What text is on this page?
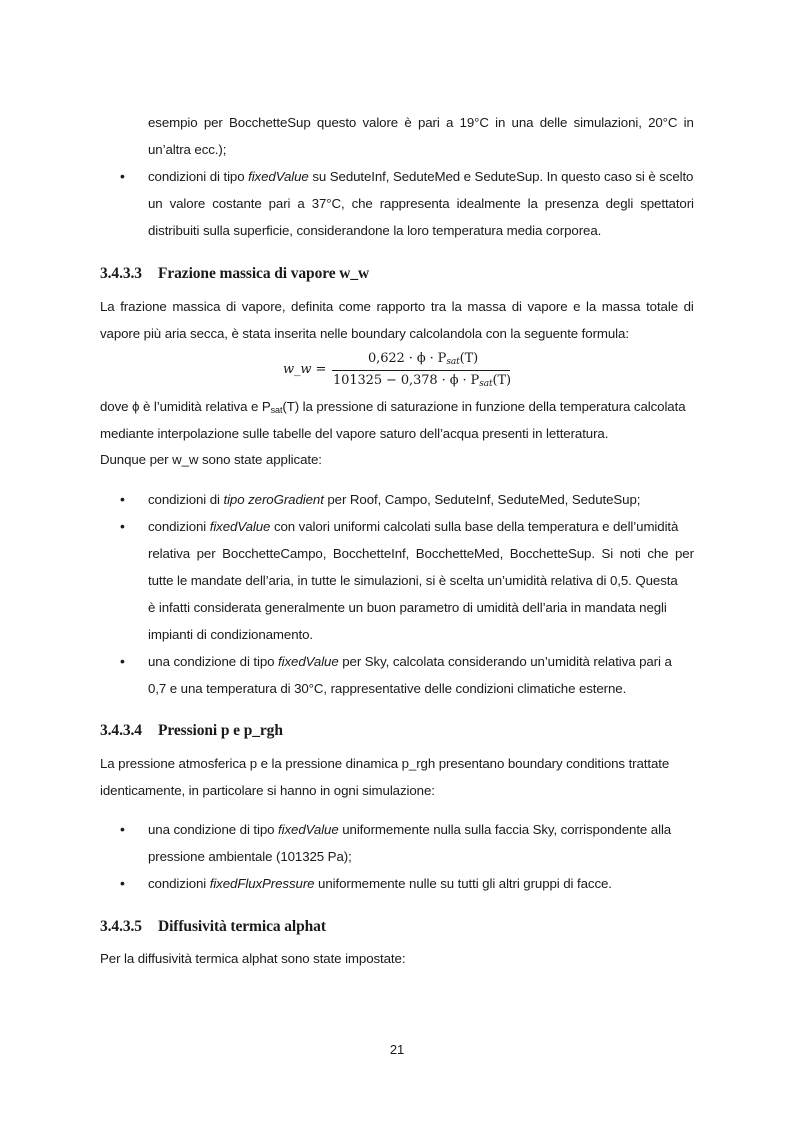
esempio per BocchetteSup questo valore è pari a 19°C in una delle simulazioni, 20°C in
un’altra ecc.);
• condizioni di tipo fixedValue su SeduteInf, SeduteMed e SeduteSup. In questo caso si è scelto
un valore costante pari a 37°C, che rappresenta idealmente la presenza degli spettatori
distribuiti sulla superficie, considerandone la loro temperatura media corporea.
3.4.3.3 Frazione massica di vapore w_w
La frazione massica di vapore, definita come rapporto tra la massa di vapore e la massa totale di
vapore più aria secca, è stata inserita nelle boundary calcolandola con la seguente formula:
w_w =
$0,622 \cdot \phi \cdot P_{sat}(T)$
$101325 - 0,378 \cdot \phi \cdot P_{sat}(T)$
dove ϕ è l’umidità relativa e $P_{sat}(T)$ la pressione di saturazione in funzione della temperatura calcolata
mediante interpolazione sulle tabelle del vapore saturo dell’acqua presenti in letteratura.
Dunque per w_w sono state applicate:
• condizioni di tipo zeroGradient per Roof, Campo, SeduteInf, SeduteMed, SeduteSup;
• condizioni fixedValue con valori uniformi calcolati sulla base della temperatura e dell’umidità
relativa per BocchetteCampo, BocchetteInf, BocchetteMed, BocchetteSup. Si noti che per
tutte le mandate dell’aria, in tutte le simulazioni, si è scelta un’umidità relativa di 0,5. Questa
è infatti considerata generalmente un buon parametro di umidità dell’aria in mandata negli
impianti di condizionamento.
• una condizione di tipo fixedValue per Sky, calcolata considerando un’umidità relativa pari a
0,7 e una temperatura di 30°C, rappresentative delle condizioni climatiche esterne.
3.4.3.4 Pressioni p e p_rgh
La pressione atmosferica p e la pressione dinamica p_rgh presentano boundary conditions trattate
identicamente, in particolare si hanno in ogni simulazione:
• una condizione di tipo fixedValue uniformemente nulla sulla faccia Sky, corrispondente alla
pressione ambientale (101325 Pa);
• condizioni fixedFluxPressure uniformemente nulle su tutti gli altri gruppi di facce.
3.4.3.5 Diffusività termica alphat
Per la diffusività termica alphat sono state impostate:
21
